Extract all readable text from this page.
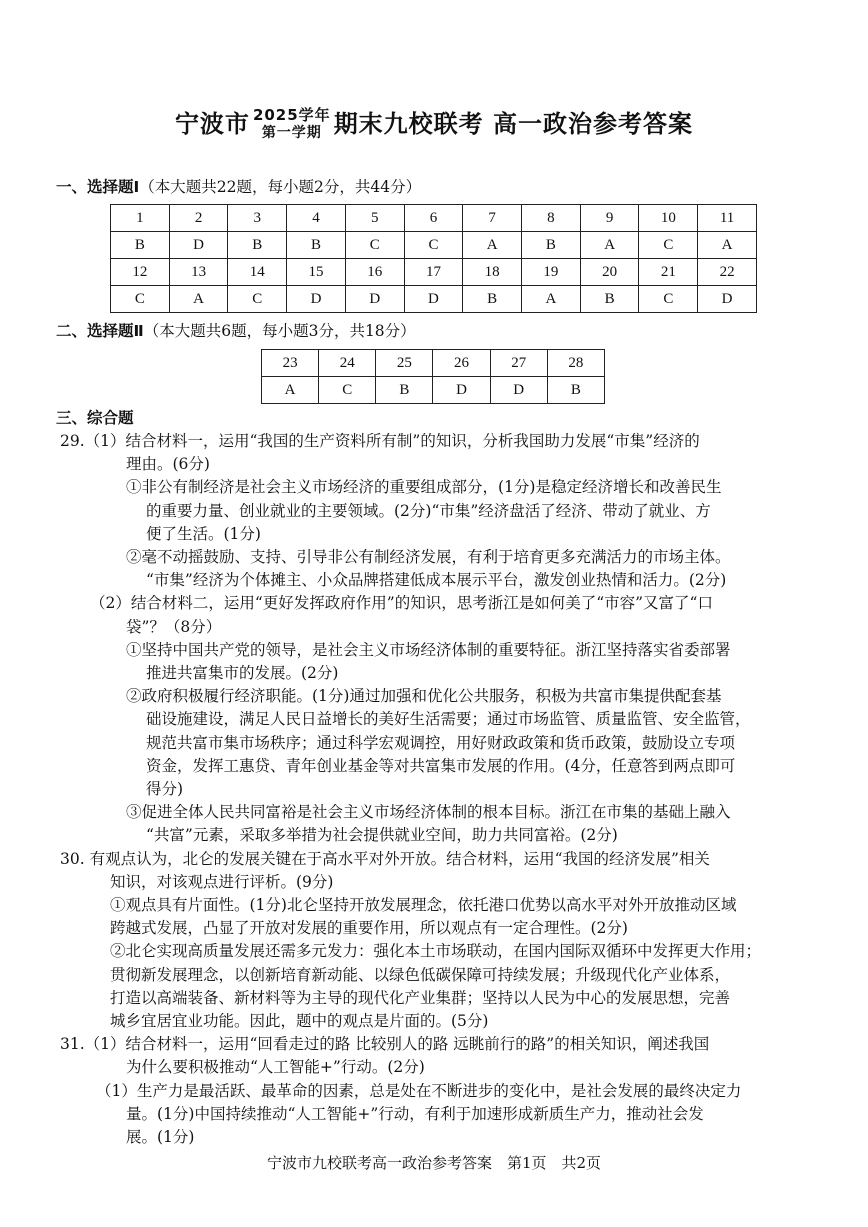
宁波市 2025学年
第一学期 期末九校联考 高一政治参考答案
一、选择题Ⅰ（本大题共22题，每小题2分，共44分）
1	2	3	4	5	6	7	8	9	10	11
B	D	B	B	C	C	A	B	A	C	A
12	13	14	15	16	17	18	19	20	21	22
C	A	C	D	D	D	B	A	B	C	D
二、选择题Ⅱ（本大题共6题，每小题3分，共18分）
23	24	25	26	27	28
A	C	B	D	D	B
三、综合题
29.（1）结合材料一，运用“我国的生产资料所有制”的知识，分析我国助力发展“市集”经济的
理由。(6分)
①非公有制经济是社会主义市场经济的重要组成部分，(1分)是稳定经济增长和改善民生
的重要力量、创业就业的主要领域。(2分)“市集”经济盘活了经济、带动了就业、方
便了生活。(1分)
②毫不动摇鼓励、支持、引导非公有制经济发展，有利于培育更多充满活力的市场主体。
“市集”经济为个体摊主、小众品牌搭建低成本展示平台，激发创业热情和活力。(2分)
（2）结合材料二，运用“更好发挥政府作用”的知识，思考浙江是如何美了“市容”又富了“口
袋”？（8分）
①坚持中国共产党的领导，是社会主义市场经济体制的重要特征。浙江坚持落实省委部署
推进共富集市的发展。(2分)
②政府积极履行经济职能。(1分)通过加强和优化公共服务，积极为共富市集提供配套基
础设施建设，满足人民日益增长的美好生活需要；通过市场监管、质量监管、安全监管，
规范共富市集市场秩序；通过科学宏观调控，用好财政政策和货币政策，鼓励设立专项
资金，发挥工惠贷、青年创业基金等对共富集市发展的作用。(4分，任意答到两点即可
得分)
③促进全体人民共同富裕是社会主义市场经济体制的根本目标。浙江在市集的基础上融入
“共富”元素，采取多举措为社会提供就业空间，助力共同富裕。(2分)
30. 有观点认为，北仑的发展关键在于高水平对外开放。结合材料，运用“我国的经济发展”相关
知识，对该观点进行评析。(9分)
①观点具有片面性。(1分)北仑坚持开放发展理念，依托港口优势以高水平对外开放推动区域
跨越式发展，凸显了开放对发展的重要作用，所以观点有一定合理性。(2分)
②北仑实现高质量发展还需多元发力：强化本土市场联动，在国内国际双循环中发挥更大作用；
贯彻新发展理念，以创新培育新动能、以绿色低碳保障可持续发展；升级现代化产业体系，
打造以高端装备、新材料等为主导的现代化产业集群；坚持以人民为中心的发展思想，完善
城乡宜居宜业功能。因此，题中的观点是片面的。(5分)
31.（1）结合材料一，运用“回看走过的路 比较别人的路 远眺前行的路”的相关知识，阐述我国
为什么要积极推动“人工智能+”行动。(2分)
（1）生产力是最活跃、最革命的因素，总是处在不断进步的变化中，是社会发展的最终决定力
量。(1分)中国持续推动“人工智能+”行动，有利于加速形成新质生产力，推动社会发
展。(1分)
宁波市九校联考高一政治参考答案　第1页　共2页
